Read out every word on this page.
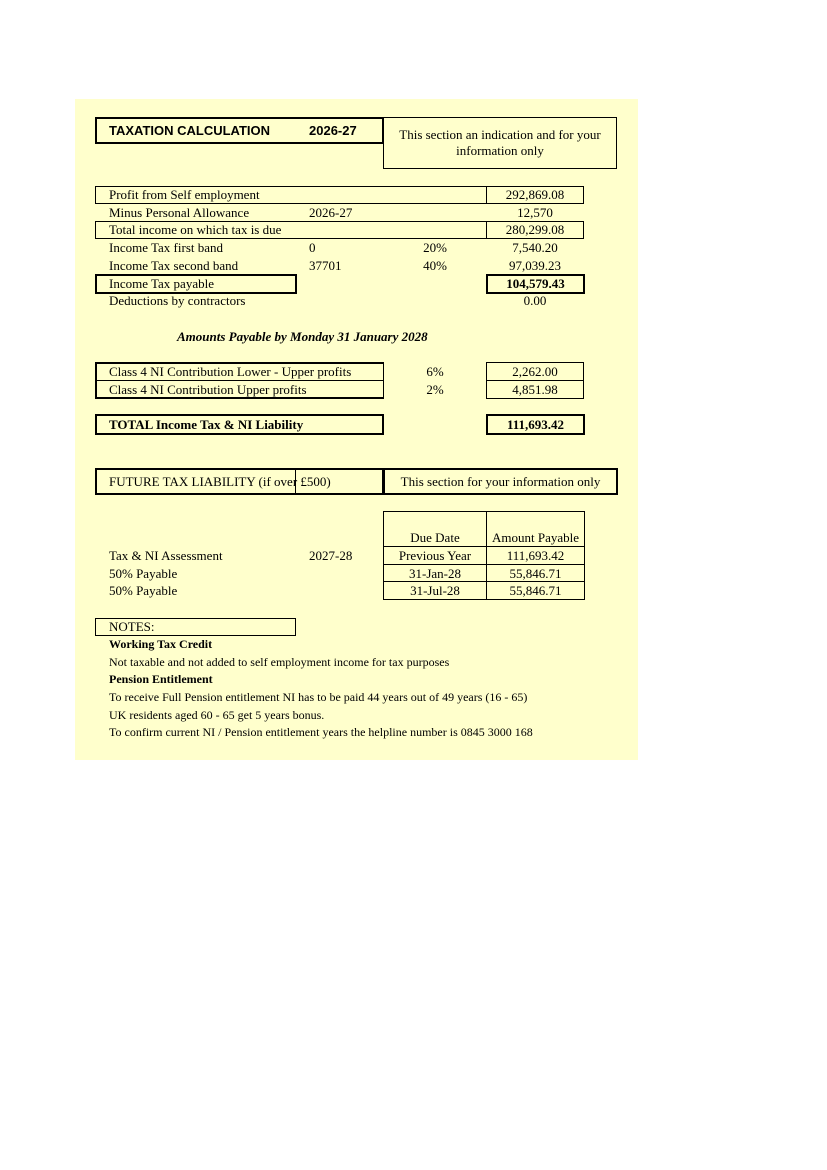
TAXATION CALCULATION	2026-27	This section an indication and for your information only
Profit from Self employment	292,869.08
Minus Personal Allowance	2026-27	12,570
Total income on which tax is due	280,299.08
Income Tax first band	0	20%	7,540.20
Income Tax second band	37701	40%	97,039.23
Income Tax payable	104,579.43
Deductions by contractors	0.00
Amounts Payable by Monday 31 January 2028
Class 4 NI Contribution Lower - Upper profits	6%	2,262.00
Class 4 NI Contribution Upper profits	2%	4,851.98
TOTAL Income Tax & NI Liability	111,693.42
FUTURE TAX LIABILITY (if over £500)	This section for your information only
Due Date	Amount Payable
Tax & NI Assessment	2027-28	Previous Year	111,693.42
50% Payable	31-Jan-28	55,846.71
50% Payable	31-Jul-28	55,846.71
NOTES:
Working Tax Credit
Not taxable and not added to self employment income for tax purposes
Pension Entitlement
To receive Full Pension entitlement NI has to be paid 44 years out of 49 years (16 - 65)
UK residents aged 60 - 65 get 5 years bonus.
To confirm current NI / Pension entitlement years the helpline number is 0845 3000 168
